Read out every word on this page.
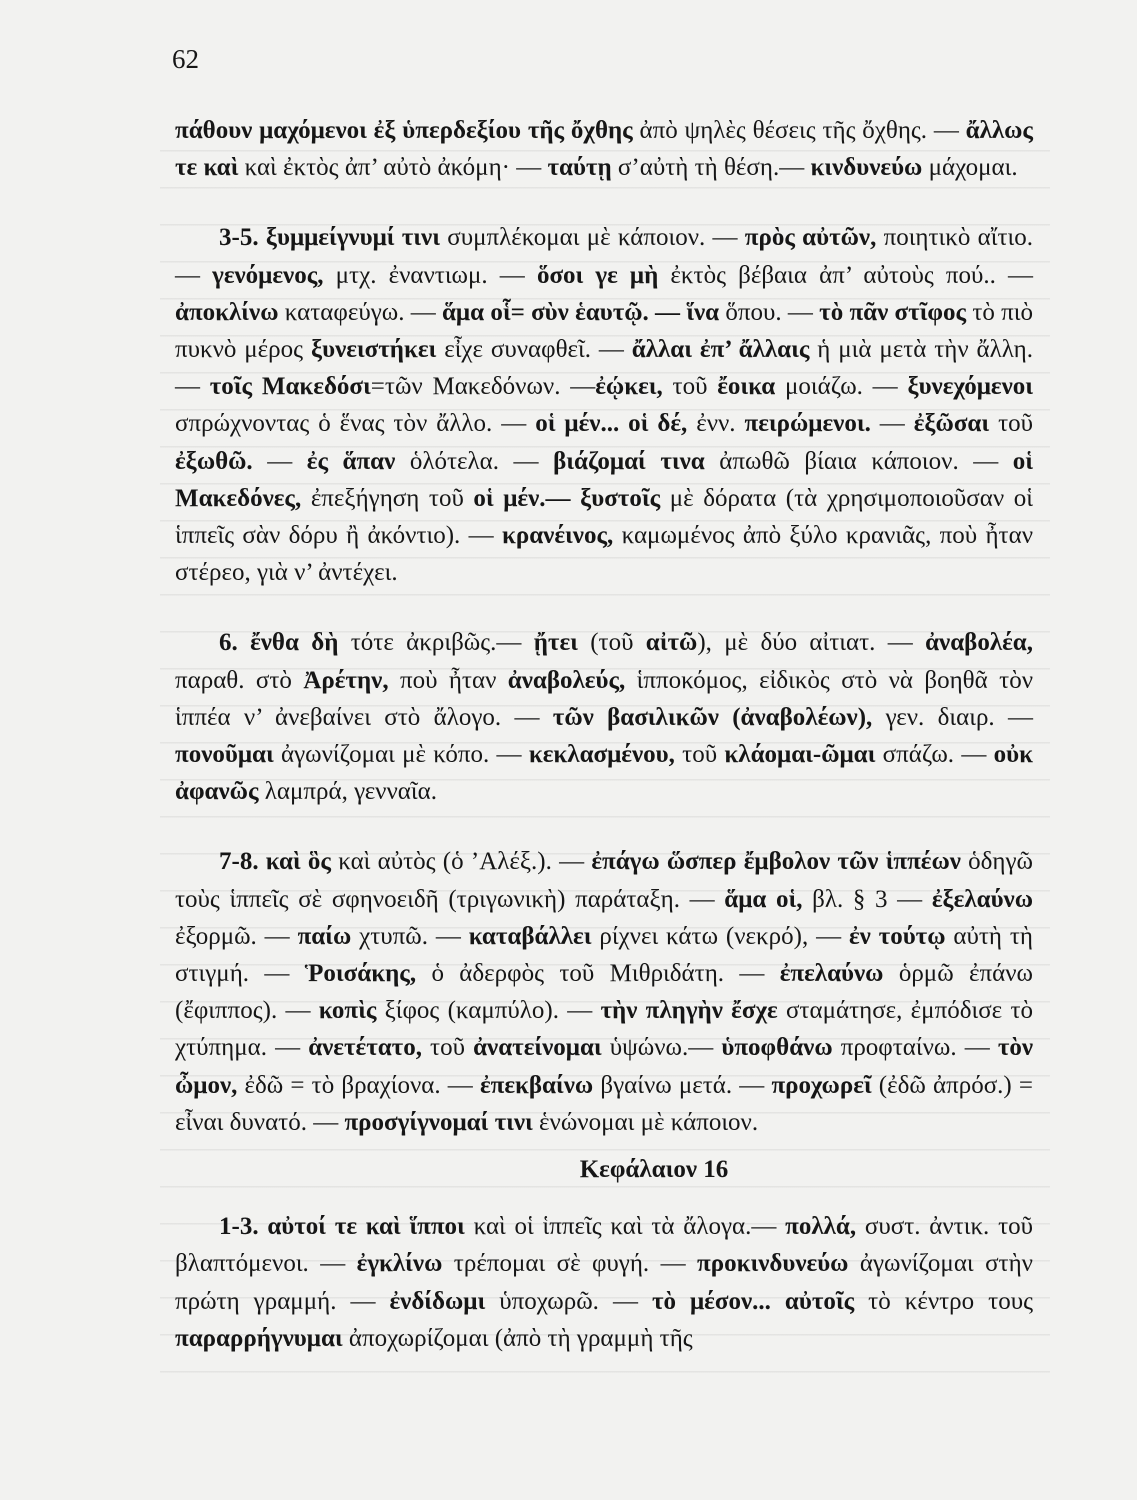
62

πάθουν μαχόμενοι ἐξ ὑπερδεξίου τῆς ὄχθης ἀπὸ ψηλὲς θέσεις τῆς ὄχθης. — ἄλλως τε καὶ καὶ ἐκτὸς ἀπ’ αὐτὸ ἀκόμη· — ταύτῃ σ’αὐτὴ τὴ θέση.— κινδυνεύω μάχομαι.

3-5. ξυμμείγνυμί τινι συμπλέκομαι μὲ κάποιον. — πρὸς αὐτῶν, ποιητικὸ αἴτιο. — γενόμενος, μτχ. ἐναντιωμ. — ὅσοι γε μὴ ἐκτὸς βέβαια ἀπ’ αὐτοὺς πού.. — ἀποκλίνω καταφεύγω. — ἅμα οἷ= σὺν ἑαυτῷ. — ἵνα ὅπου. — τὸ πᾶν στῖφος τὸ πιὸ πυκνὸ μέρος ξυνειστήκει εἶχε συναφθεῖ. — ἄλλαι ἐπ’ ἄλλαις ἡ μιὰ μετὰ τὴν ἄλλη. — τοῖς Μακεδόσι=τῶν Μακεδόνων. —ἐῴκει, τοῦ ἔοικα μοιάζω. — ξυνεχόμενοι σπρώχνοντας ὁ ἕνας τὸν ἄλλο. — οἱ μέν... οἱ δέ, ἐνν. πειρώμενοι. — ἐξῶσαι τοῦ ἐξωθῶ. — ἐς ἅπαν ὁλότελα. — βιάζομαί τινα ἀπωθῶ βίαια κάποιον. — οἱ Μακεδόνες, ἐπεξήγηση τοῦ οἱ μέν.— ξυστοῖς μὲ δόρατα (τὰ χρησιμοποιοῦσαν οἱ ἱππεῖς σὰν δόρυ ἢ ἀκόντιο). — κρανέινος, καμωμένος ἀπὸ ξύλο κρανιᾶς, ποὺ ἦταν στέρεο, γιὰ ν’ ἀντέχει.

6. ἔνθα δὴ τότε ἀκριβῶς.— ᾔτει (τοῦ αἰτῶ), μὲ δύο αἰτιατ. — ἀναβολέα, παραθ. στὸ Ἀρέτην, ποὺ ἦταν ἀναβολεύς, ἱπποκόμος, εἰδικὸς στὸ νὰ βοηθᾶ τὸν ἱππέα ν’ ἀνεβαίνει στὸ ἄλογο. — τῶν βασιλικῶν (ἀναβολέων), γεν. διαιρ. — πονοῦμαι ἀγωνίζομαι μὲ κόπο. — κεκλασμένου, τοῦ κλάομαι-ῶμαι σπάζω. — οὐκ ἀφανῶς λαμπρά, γενναῖα.

7-8. καὶ ὃς καὶ αὐτὸς (ὁ ’Αλέξ.). — ἐπάγω ὥσπερ ἔμβολον τῶν ἱππέων ὁδηγῶ τοὺς ἱππεῖς σὲ σφηνοειδῆ (τριγωνικὴ) παράταξη. — ἅμα οἱ, βλ. § 3 — ἐξελαύνω ἐξορμῶ. — παίω χτυπῶ. — καταβάλλει ρίχνει κάτω (νεκρό), — ἐν τούτῳ αὐτὴ τὴ στιγμή. — Ῥοισάκης, ὁ ἀδερφὸς τοῦ Μιθριδάτη. — ἐπελαύνω ὁρμῶ ἐπάνω (ἔφιππος). — κοπὶς ξίφος (καμπύλο). — τὴν πληγὴν ἔσχε σταμάτησε, ἐμπόδισε τὸ χτύπημα. — ἀνετέτατο, τοῦ ἀνατείνομαι ὑψώνω.— ὑποφθάνω προφταίνω. — τὸν ὦμον, ἐδῶ = τὸ βραχίονα. — ἐπεκβαίνω βγαίνω μετά. — προχωρεῖ (ἐδῶ ἀπρόσ.) = εἶναι δυνατό. — προσγίγνομαί τινι ἑνώνομαι μὲ κάποιον.

Κεφάλαιον 16

1-3. αὐτοί τε καὶ ἵπποι καὶ οἱ ἱππεῖς καὶ τὰ ἄλογα.— πολλά, συστ. ἀντικ. τοῦ βλαπτόμενοι. — ἐγκλίνω τρέπομαι σὲ φυγή. — προκινδυνεύω ἀγωνίζομαι στὴν πρώτη γραμμή. — ἐνδίδωμι ὑποχωρῶ. — τὸ μέσον... αὐτοῖς τὸ κέντρο τους παραρρήγνυμαι ἀποχωρίζομαι (ἀπὸ τὴ γραμμὴ τῆς
